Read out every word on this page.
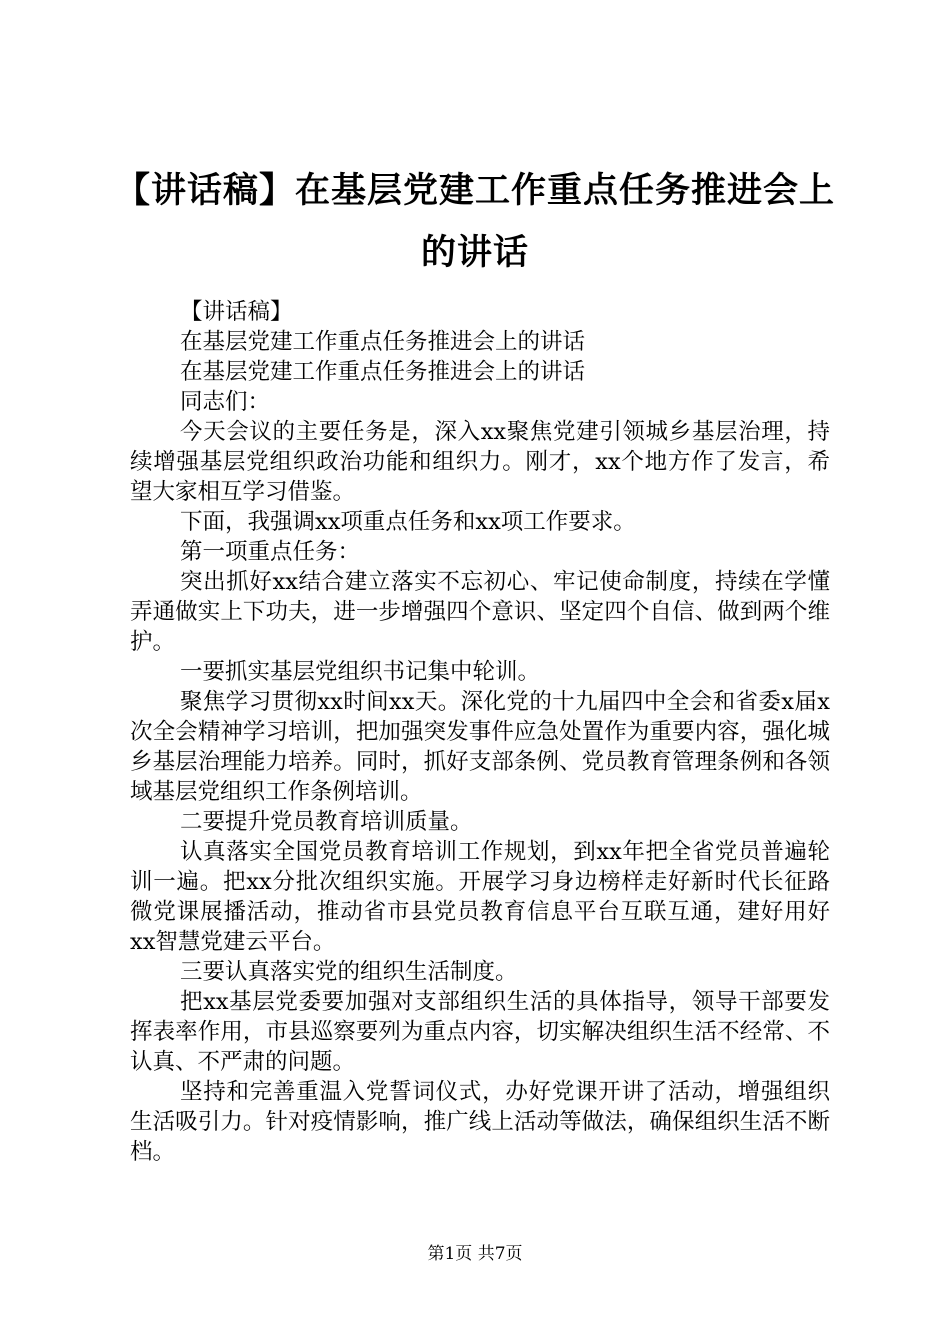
【讲话稿】在基层党建工作重点任务推进会上
的讲话

【讲话稿】

在基层党建工作重点任务推进会上的讲话

在基层党建工作重点任务推进会上的讲话

同志们：

今天会议的主要任务是，深入xx聚焦党建引领城乡基层治理，持续增强基层党组织政治功能和组织力。刚才，xx个地方作了发言，希望大家相互学习借鉴。

下面，我强调xx项重点任务和xx项工作要求。

第一项重点任务：

突出抓好xx结合建立落实不忘初心、牢记使命制度，持续在学懂弄通做实上下功夫，进一步增强四个意识、坚定四个自信、做到两个维护。

一要抓实基层党组织书记集中轮训。

聚焦学习贯彻xx时间xx天。深化党的十九届四中全会和省委x届x次全会精神学习培训，把加强突发事件应急处置作为重要内容，强化城乡基层治理能力培养。同时，抓好支部条例、党员教育管理条例和各领域基层党组织工作条例培训。

二要提升党员教育培训质量。

认真落实全国党员教育培训工作规划，到xx年把全省党员普遍轮训一遍。把xx分批次组织实施。开展学习身边榜样走好新时代长征路微党课展播活动，推动省市县党员教育信息平台互联互通，建好用好xx智慧党建云平台。

三要认真落实党的组织生活制度。

把xx基层党委要加强对支部组织生活的具体指导，领导干部要发挥表率作用，市县巡察要列为重点内容，切实解决组织生活不经常、不认真、不严肃的问题。

坚持和完善重温入党誓词仪式，办好党课开讲了活动，增强组织生活吸引力。针对疫情影响，推广线上活动等做法，确保组织生活不断档。

第1页 共7页
